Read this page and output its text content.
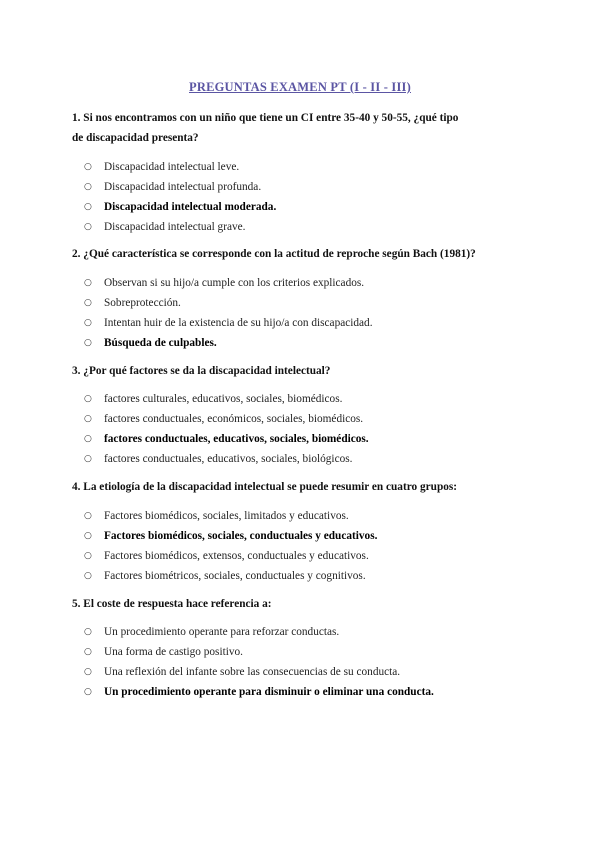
PREGUNTAS EXAMEN PT (I - II - III)
1. Si nos encontramos con un niño que tiene un CI entre 35-40 y 50-55, ¿qué tipo de discapacidad presenta?
○ Discapacidad intelectual leve.
○ Discapacidad intelectual profunda.
○ Discapacidad intelectual moderada.
○ Discapacidad intelectual grave.
2. ¿Qué característica se corresponde con la actitud de reproche según Bach (1981)?
○ Observan si su hijo/a cumple con los criterios explicados.
○ Sobreprotección.
○ Intentan huir de la existencia de su hijo/a con discapacidad.
○ Búsqueda de culpables.
3. ¿Por qué factores se da la discapacidad intelectual?
○ factores culturales, educativos, sociales, biomédicos.
○ factores conductuales, económicos, sociales, biomédicos.
○ factores conductuales, educativos, sociales, biomédicos.
○ factores conductuales, educativos, sociales, biológicos.
4. La etiología de la discapacidad intelectual se puede resumir en cuatro grupos:
○ Factores biomédicos, sociales, limitados y educativos.
○ Factores biomédicos, sociales, conductuales y educativos.
○ Factores biomédicos, extensos, conductuales y educativos.
○ Factores biométricos, sociales, conductuales y cognitivos.
5. El coste de respuesta hace referencia a:
○ Un procedimiento operante para reforzar conductas.
○ Una forma de castigo positivo.
○ Una reflexión del infante sobre las consecuencias de su conducta.
○ Un procedimiento operante para disminuir o eliminar una conducta.
